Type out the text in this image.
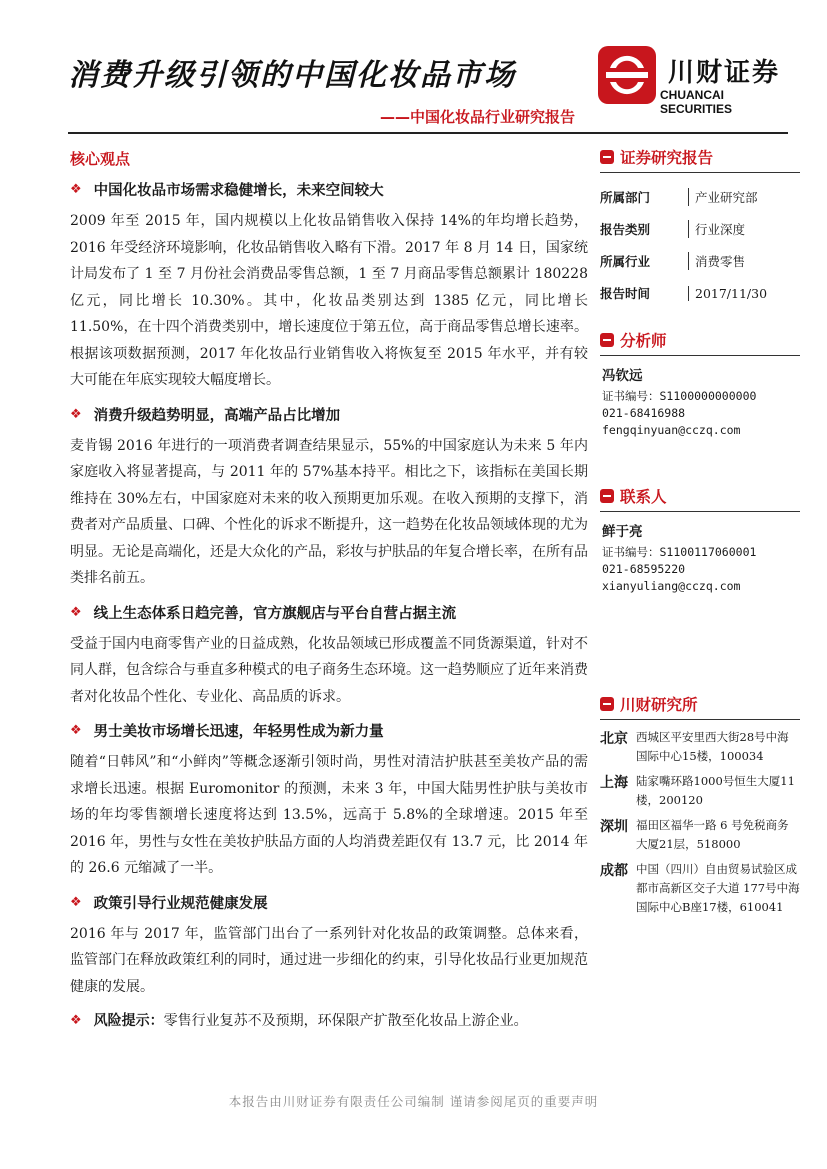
消费升级引领的中国化妆品市场	川财证券
CHUANCAI SECURITIES
——中国化妆品行业研究报告
核心观点
❖ 中国化妆品市场需求稳健增长，未来空间较大

2009 年至 2015 年，国内规模以上化妆品销售收入保持 14%的年均增长趋势，2016 年受经济环境影响，化妆品销售收入略有下滑。2017 年 8 月 14 日，国家统计局发布了 1 至 7 月份社会消费品零售总额，1 至 7 月商品零售总额累计 180228 亿元，同比增长 10.30%。其中，化妆品类别达到 1385 亿元，同比增长 11.50%，在十四个消费类别中，增长速度位于第五位，高于商品零售总增长速率。根据该项数据预测，2017 年化妆品行业销售收入将恢复至 2015 年水平，并有较大可能在年底实现较大幅度增长。

❖ 消费升级趋势明显，高端产品占比增加

麦肯锡 2016 年进行的一项消费者调查结果显示，55%的中国家庭认为未来 5 年内家庭收入将显著提高，与 2011 年的 57%基本持平。相比之下，该指标在美国长期维持在 30%左右，中国家庭对未来的收入预期更加乐观。在收入预期的支撑下，消费者对产品质量、口碑、个性化的诉求不断提升，这一趋势在化妆品领域体现的尤为明显。无论是高端化，还是大众化的产品，彩妆与护肤品的年复合增长率，在所有品类排名前五。

❖ 线上生态体系日趋完善，官方旗舰店与平台自营占据主流

受益于国内电商零售产业的日益成熟，化妆品领域已形成覆盖不同货源渠道，针对不同人群，包含综合与垂直多种模式的电子商务生态环境。这一趋势顺应了近年来消费者对化妆品个性化、专业化、高品质的诉求。

❖ 男士美妆市场增长迅速，年轻男性成为新力量

随着“日韩风”和“小鲜肉”等概念逐渐引领时尚，男性对清洁护肤甚至美妆产品的需求增长迅速。根据 Euromonitor 的预测，未来 3 年，中国大陆男性护肤与美妆市场的年均零售额增长速度将达到 13.5%，远高于 5.8%的全球增速。2015 年至 2016 年，男性与女性在美妆护肤品方面的人均消费差距仅有 13.7 元，比 2014 年的 26.6 元缩减了一半。

❖ 政策引导行业规范健康发展

2016 年与 2017 年，监管部门出台了一系列针对化妆品的政策调整。总体来看，监管部门在释放政策红利的同时，通过进一步细化的约束，引导化妆品行业更加规范健康的发展。

❖ 风险提示： 零售行业复苏不及预期，环保限产扩散至化妆品上游企业。
证券研究报告
所属部门	产业研究部
报告类别	行业深度
所属行业	消费零售
报告时间	2017/11/30
分析师
冯钦远
证书编号：S1100000000000
021-68416988
fengqinyuan@cczq.com
联系人
鲜于亮
证书编号：S1100117060001
021-68595220
xianyuliang@cczq.com
川财研究所
北京 西城区平安里西大街28号中海国际中心15楼，100034
上海 陆家嘴环路1000号恒生大厦11楼，200120
深圳 福田区福华一路 6 号免税商务大厦21层，518000
成都 中国（四川）自由贸易试验区成都市高新区交子大道 177号中海国际中心B座17楼，610041
本报告由川财证券有限责任公司编制 谨请参阅尾页的重要声明
